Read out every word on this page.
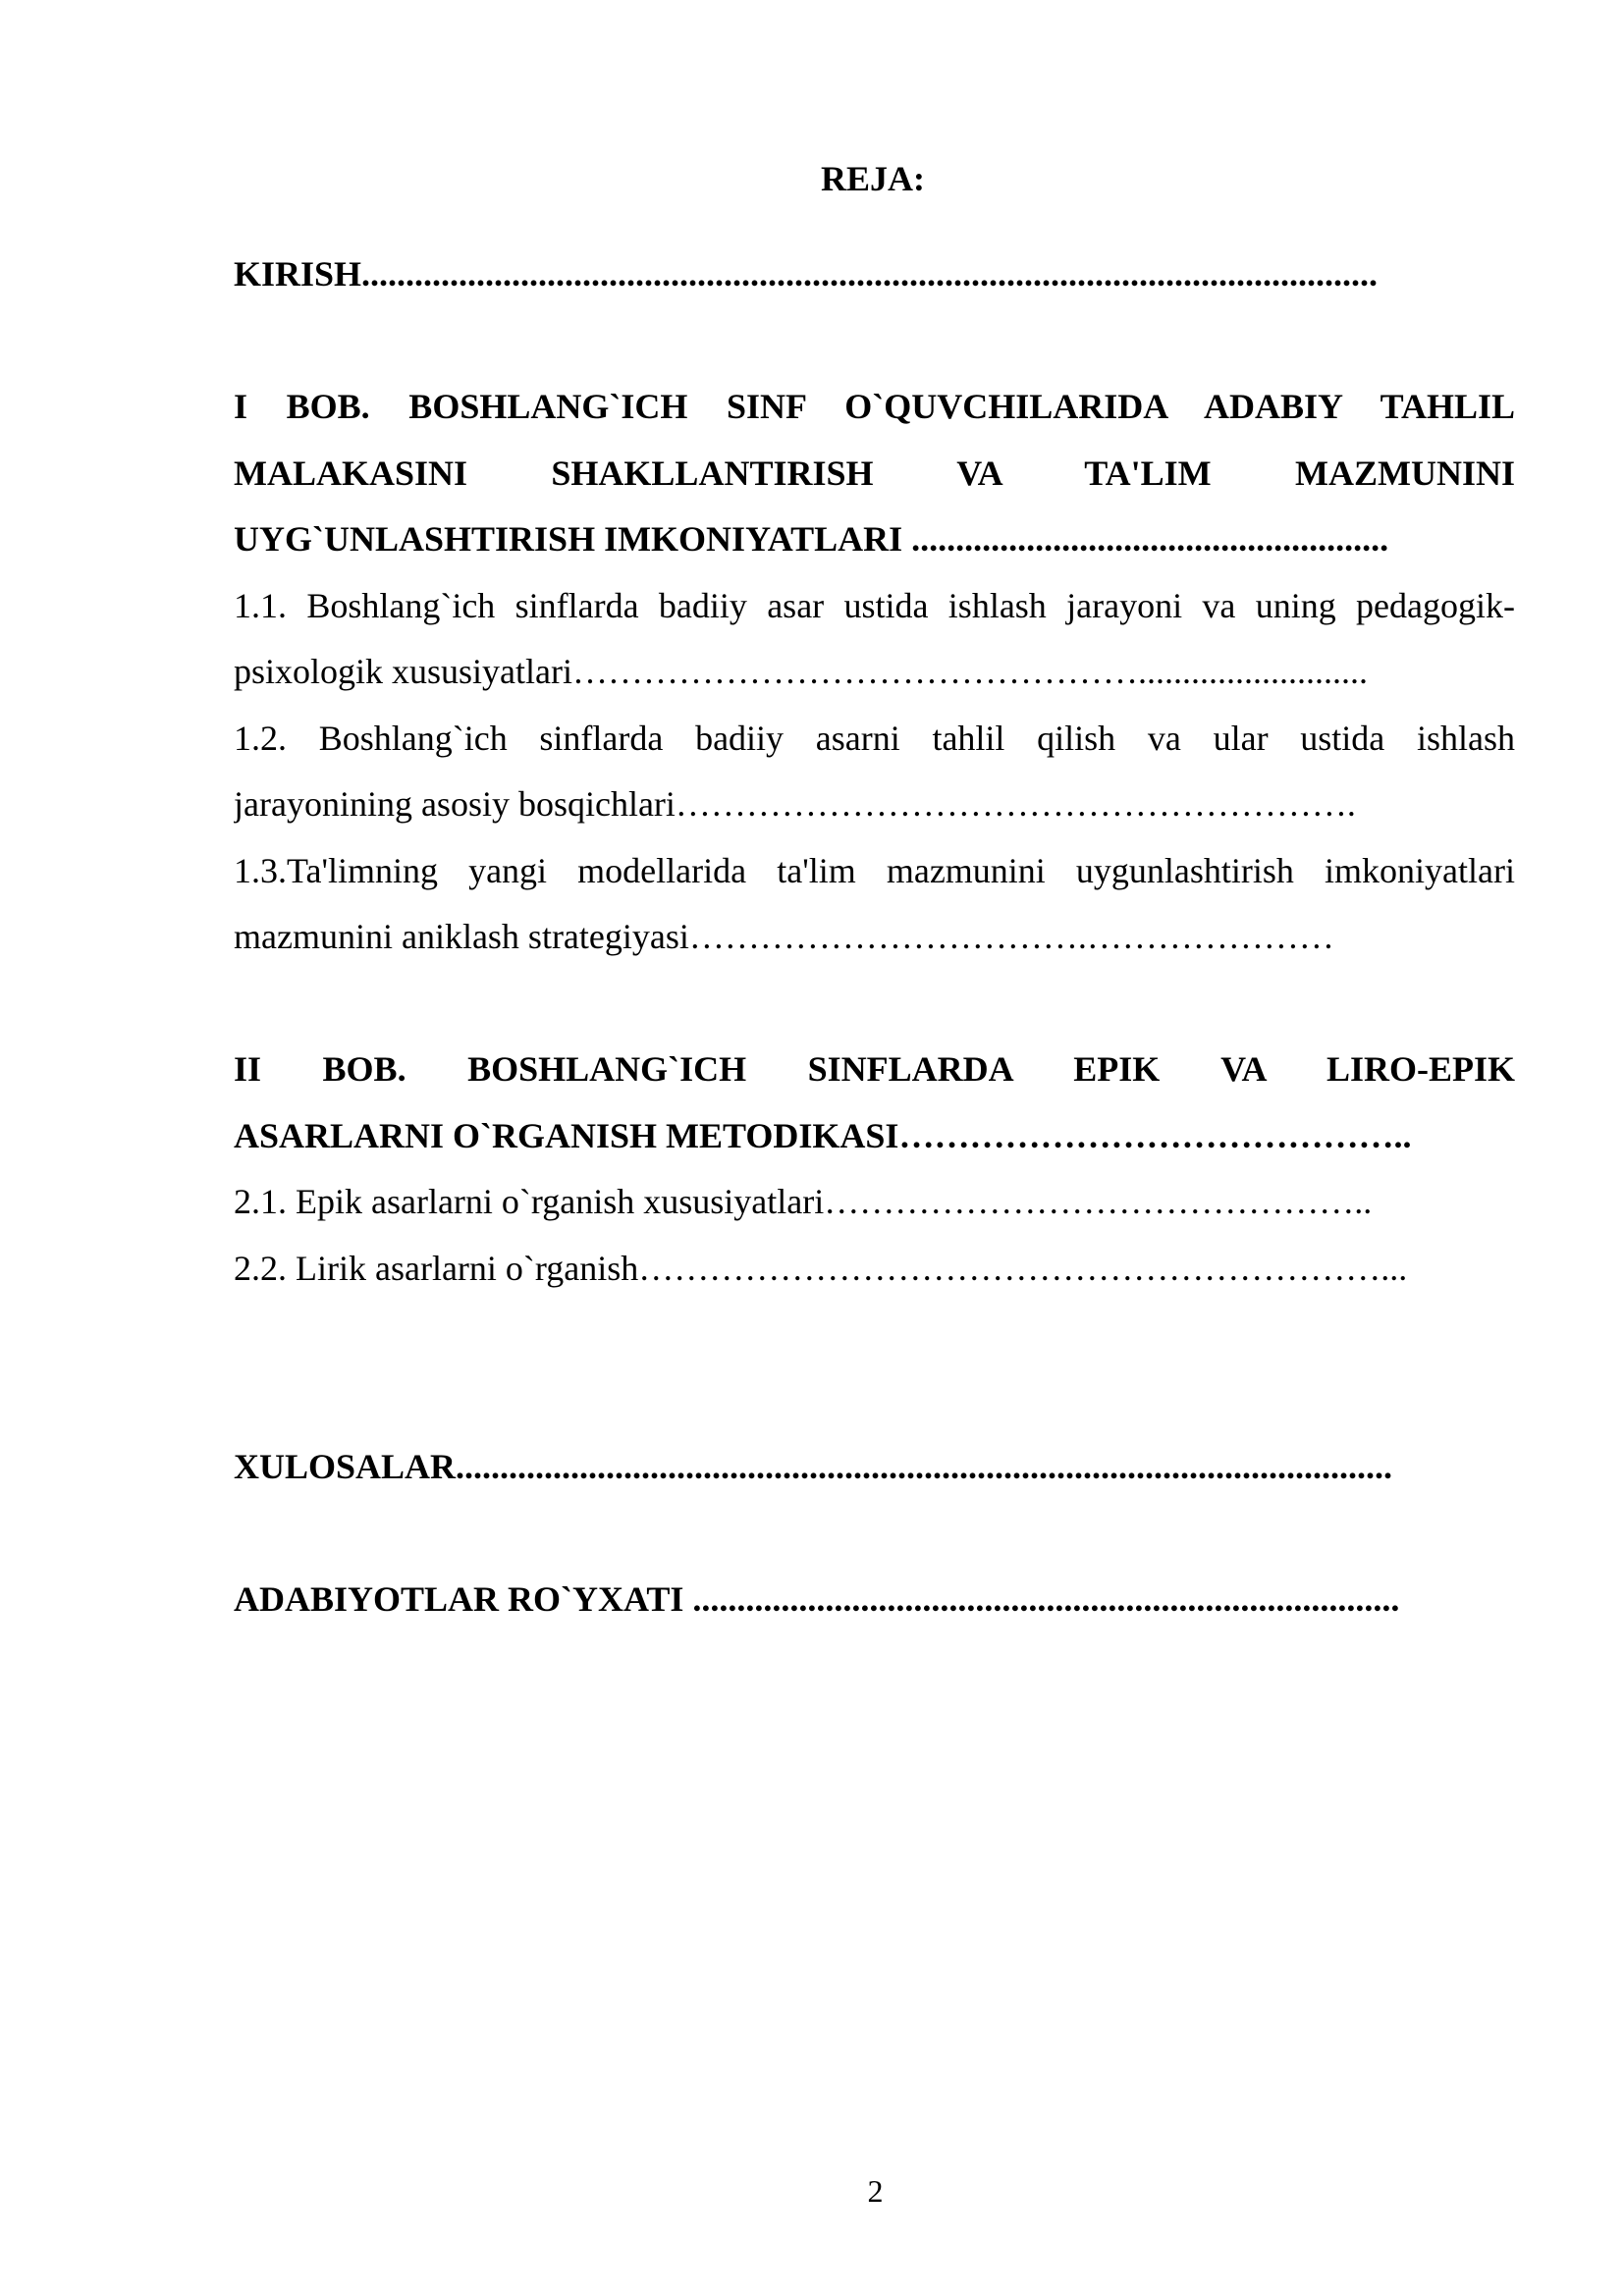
REJA:
KIRISH...................................................................................................................
I BOB. BOSHLANG`ICH SINF O`QUVCHILARIDA ADABIY TAHLIL
MALAKASINI SHAKLLANTIRISH VA TA'LIM MAZMUNINI
UYG`UNLASHTIRISH IMKONIYATLARI ......................................................
1.1. Boshlang`ich sinflarda badiiy asar ustida ishlash jarayoni va uning pedagogik-
psixologik xususiyatlari…………………………………………..........................
1.2. Boshlang`ich sinflarda badiiy asarni tahlil qilish va ular ustida ishlash
jarayonining asosiy bosqichlari………………………………………………….
1.3.Ta'limning yangi modellarida ta'lim mazmunini uygunlashtirish imkoniyatlari
mazmunini aniklash strategiyasi…………………………….…………………
II BOB. BOSHLANG`ICH SINFLARDA EPIK VA LIRO-EPIK
ASARLARNI O`RGANISH METODIKASI……………………………………..
2.1. Epik asarlarni o`rganish xususiyatlari………………………………………..
2.2. Lirik asarlarni o`rganish………………………………………………………...
XULOSALAR..........................................................................................................
ADABIYOTLAR RO`YXATI ................................................................................
2
